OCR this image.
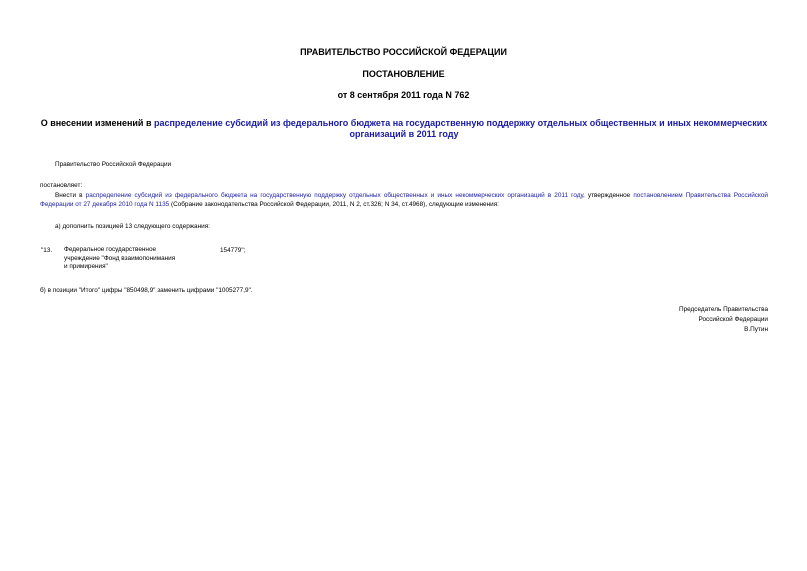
ПРАВИТЕЛЬСТВО РОССИЙСКОЙ ФЕДЕРАЦИИ
ПОСТАНОВЛЕНИЕ
от 8 сентября 2011 года N 762
О внесении изменений в распределение субсидий из федерального бюджета на государственную поддержку отдельных общественных и иных некоммерческих организаций в 2011 году
Правительство Российской Федерации
постановляет:
Внести в распределение субсидий из федерального бюджета на государственную поддержку отдельных общественных и иных некоммерческих организаций в 2011 году, утвержденное постановлением Правительства Российской Федерации от 27 декабря 2010 года N 1135 (Собрание законодательства Российской Федерации, 2011, N 2, ст.326; N 34, ст.4968), следующие изменения:
а) дополнить позицией 13 следующего содержания:
"13. Федеральное государственное учреждение "Фонд взаимопонимания и примирения"
154779";
б) в позиции "Итого" цифры "850498,9" заменить цифрами "1005277,9".
Председатель Правительства
Российской Федерации
В.Путин
